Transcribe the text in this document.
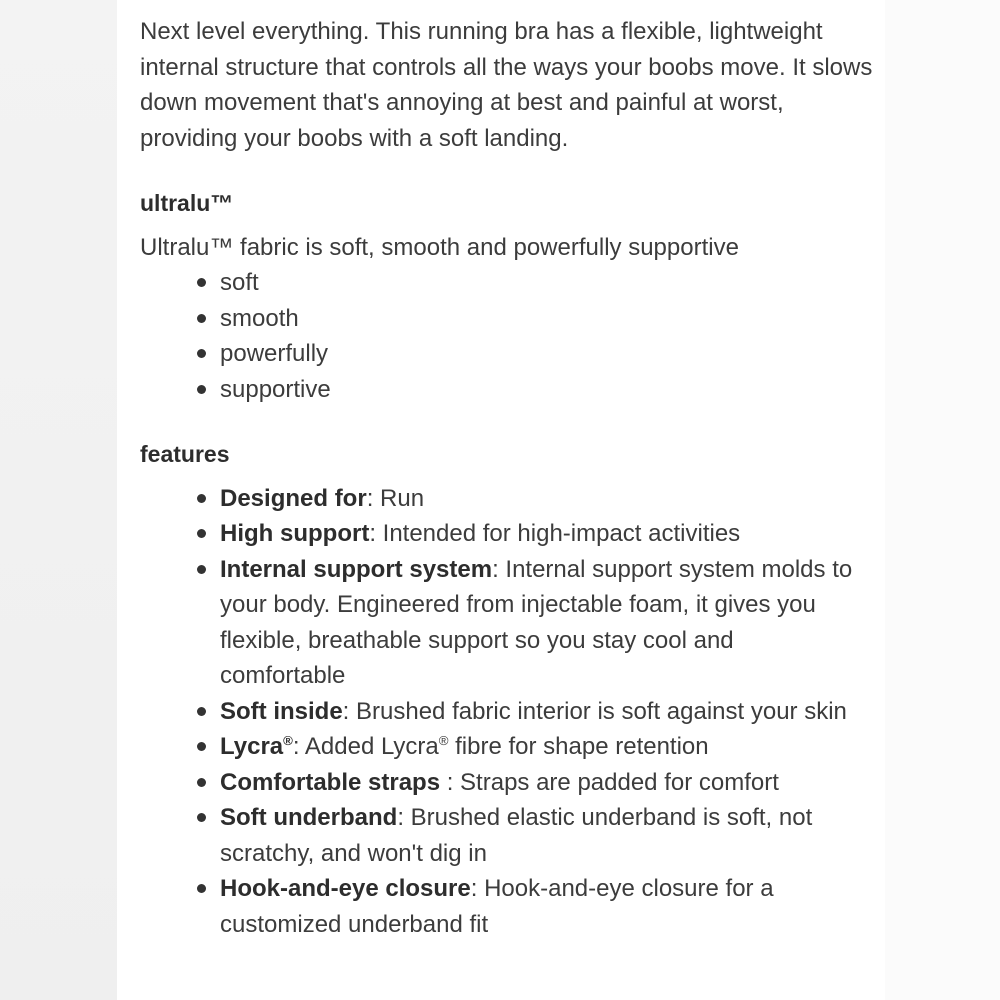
Next level everything. This running bra has a flexible, lightweight internal structure that controls all the ways your boobs move. It slows down movement that's annoying at best and painful at worst, providing your boobs with a soft landing.

ultralu™

Ultralu™ fabric is soft, smooth and powerfully supportive

soft
smooth
powerfully
supportive
features
Designed for: Run
High support: Intended for high-impact activities
Internal support system: Internal support system molds to your body. Engineered from injectable foam, it gives you flexible, breathable support so you stay cool and comfortable
Soft inside: Brushed fabric interior is soft against your skin
Lycra®: Added Lycra® fibre for shape retention
Comfortable straps : Straps are padded for comfort
Soft underband: Brushed elastic underband is soft, not scratchy, and won't dig in
Hook-and-eye closure: Hook-and-eye closure for a customized underband fit
